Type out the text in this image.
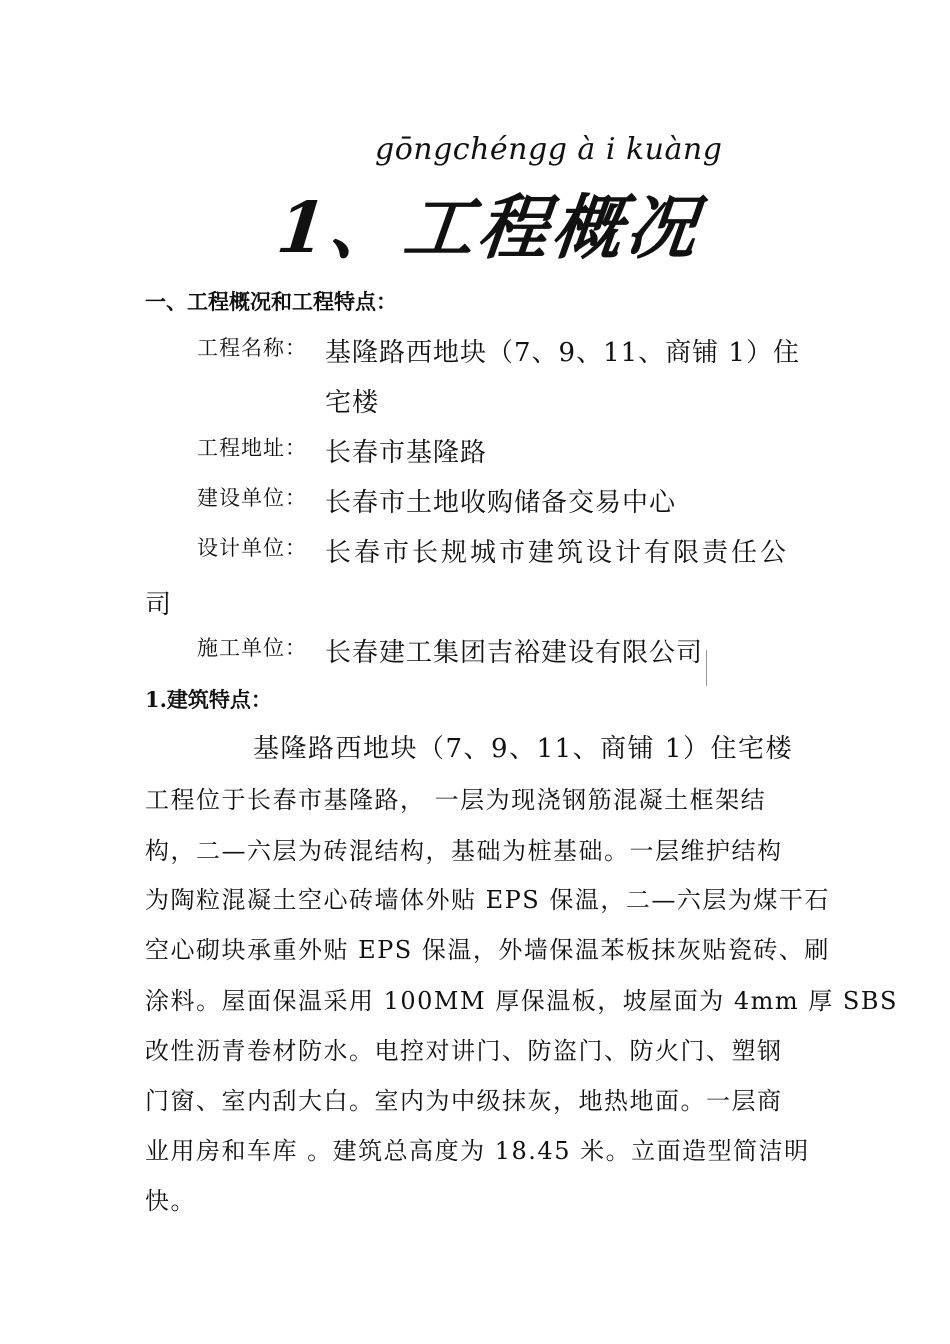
gōngchéngg à i kuàng
1、工程概况
一、工程概况和工程特点：
工程名称： 基隆路西地块（7、9、11、商铺 1）住
宅楼
工程地址： 长春市基隆路
建设单位： 长春市土地收购储备交易中心
设计单位： 长春市长规城市建筑设计有限责任公
司
施工单位： 长春建工集团吉裕建设有限公司
1.建筑特点：
基隆路西地块（7、9、11、商铺 1）住宅楼
工程位于长春市基隆路， 一层为现浇钢筋混凝土框架结
构，二—六层为砖混结构，基础为桩基础。一层维护结构
为陶粒混凝土空心砖墙体外贴 EPS 保温，二—六层为煤干石
空心砌块承重外贴 EPS 保温，外墙保温苯板抹灰贴瓷砖、刷
涂料。屋面保温采用 100MM 厚保温板，坡屋面为 4mm 厚 SBS
改性沥青卷材防水。电控对讲门、防盗门、防火门、塑钢
门窗、室内刮大白。室内为中级抹灰，地热地面。一层商
业用房和车库 。建筑总高度为 18.45 米。立面造型简洁明
快。
